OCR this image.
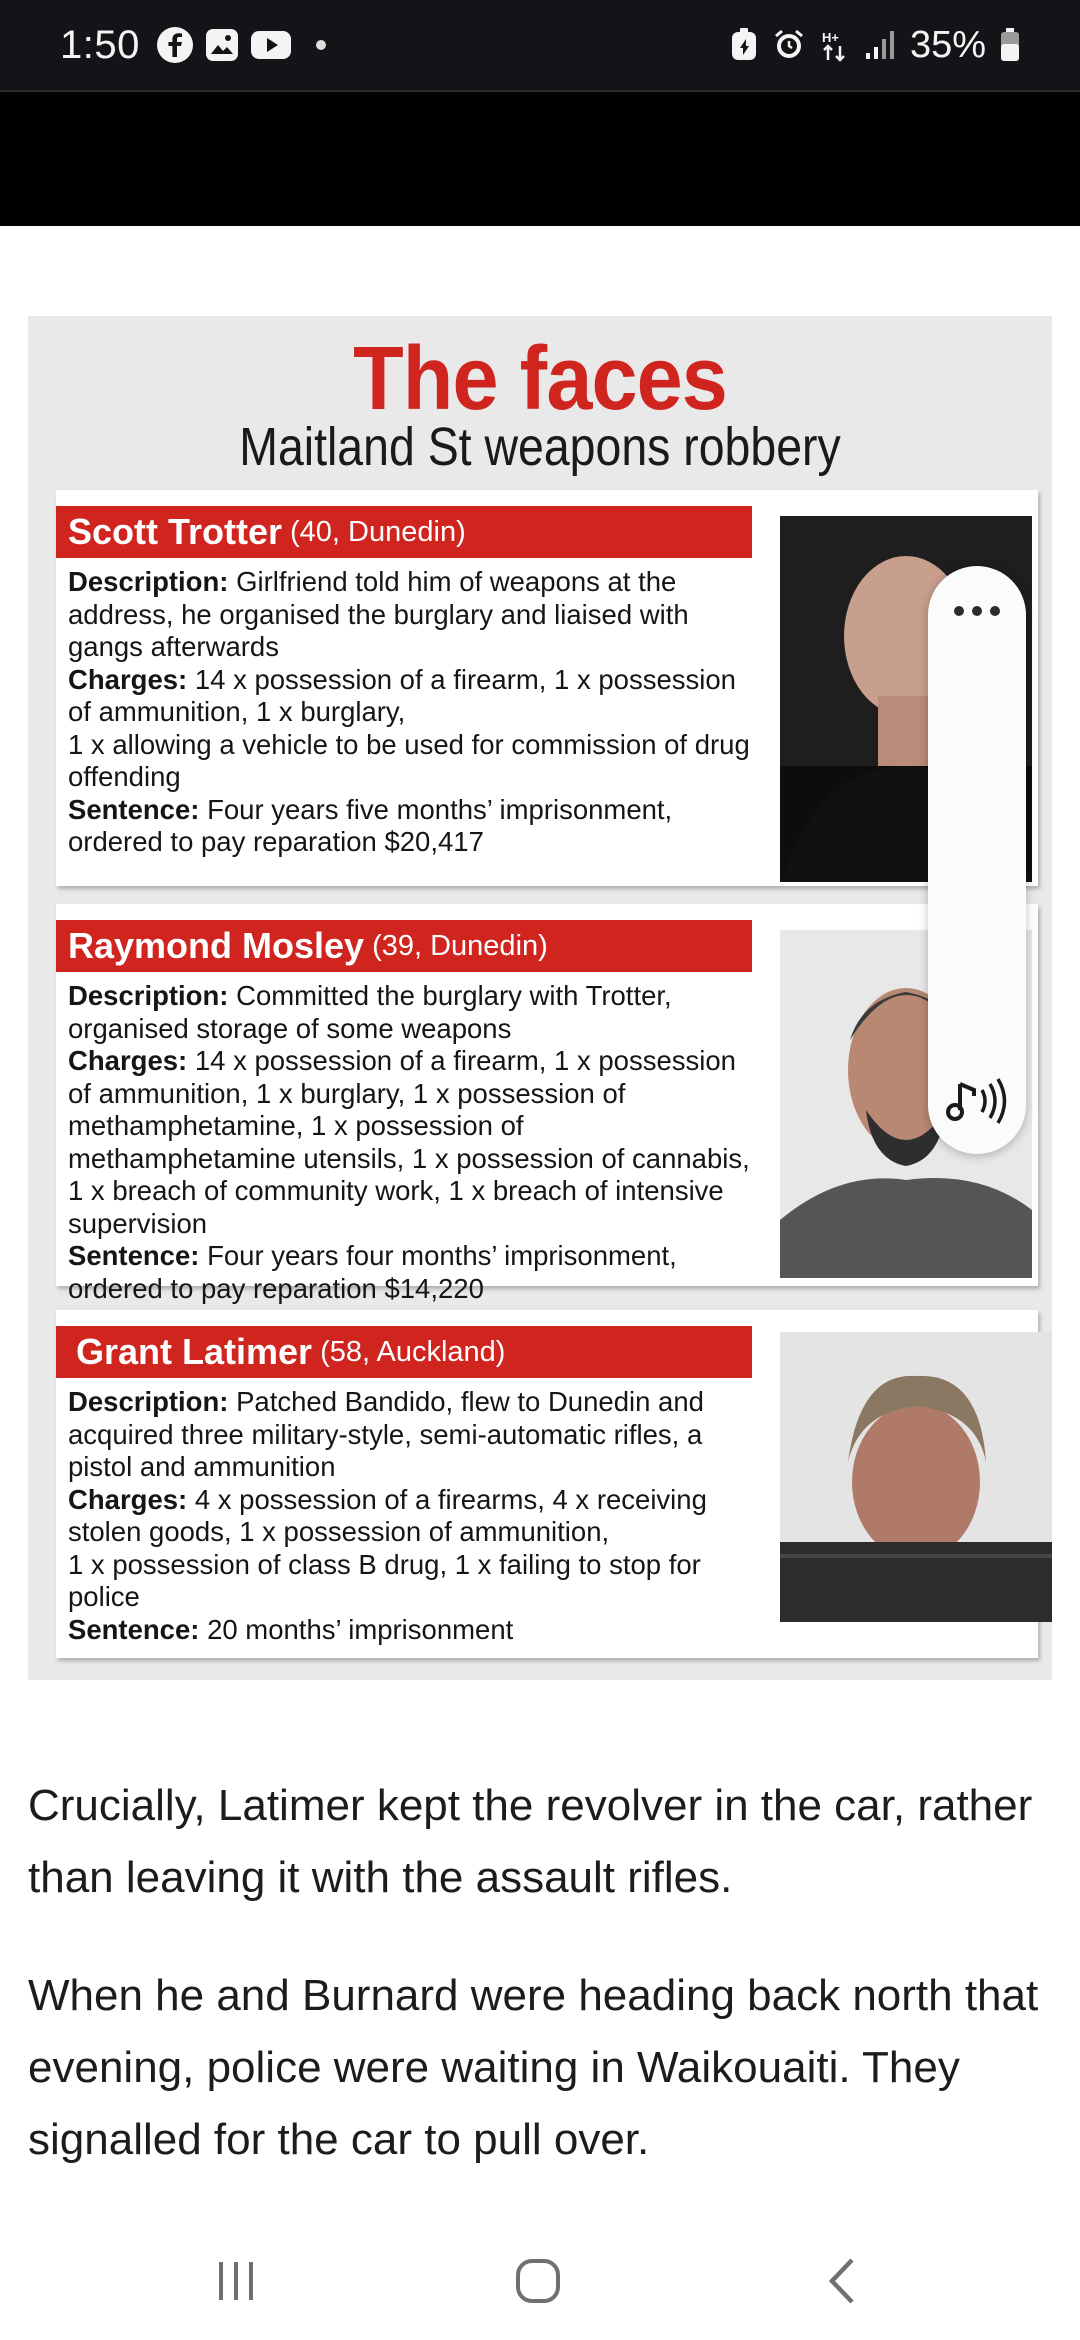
1:50	H+ 35%
The faces
Maitland St weapons robbery
Scott Trotter (40, Dunedin)

Description: Girlfriend told him of weapons at the address, he organised the burglary and liaised with gangs afterwards

Charges: 14 x possession of a firearm, 1 x possession of ammunition, 1 x burglary,

1 x allowing a vehicle to be used for commission of drug offending

Sentence: Four years five months’ imprisonment, ordered to pay reparation $20,417

Raymond Mosley (39, Dunedin)

Description: Committed the burglary with Trotter, organised storage of some weapons

Charges: 14 x possession of a firearm, 1 x possession of ammunition, 1 x burglary, 1 x possession of methamphetamine, 1 x possession of methamphetamine utensils, 1 x possession of cannabis, 1 x breach of community work, 1 x breach of intensive supervision

Sentence: Four years four months’ imprisonment, ordered to pay reparation $14,220

Grant Latimer (58, Auckland)

Description: Patched Bandido, flew to Dunedin and acquired three military-style, semi-automatic rifles, a pistol and ammunition

Charges: 4 x possession of a firearms, 4 x receiving stolen goods, 1 x possession of ammunition,

1 x possession of class B drug, 1 x failing to stop for police

Sentence: 20 months’ imprisonment

Crucially, Latimer kept the revolver in the car, rather than leaving it with the assault rifles.

When he and Burnard were heading back north that evening, police were waiting in Waikouaiti. They signalled for the car to pull over.
